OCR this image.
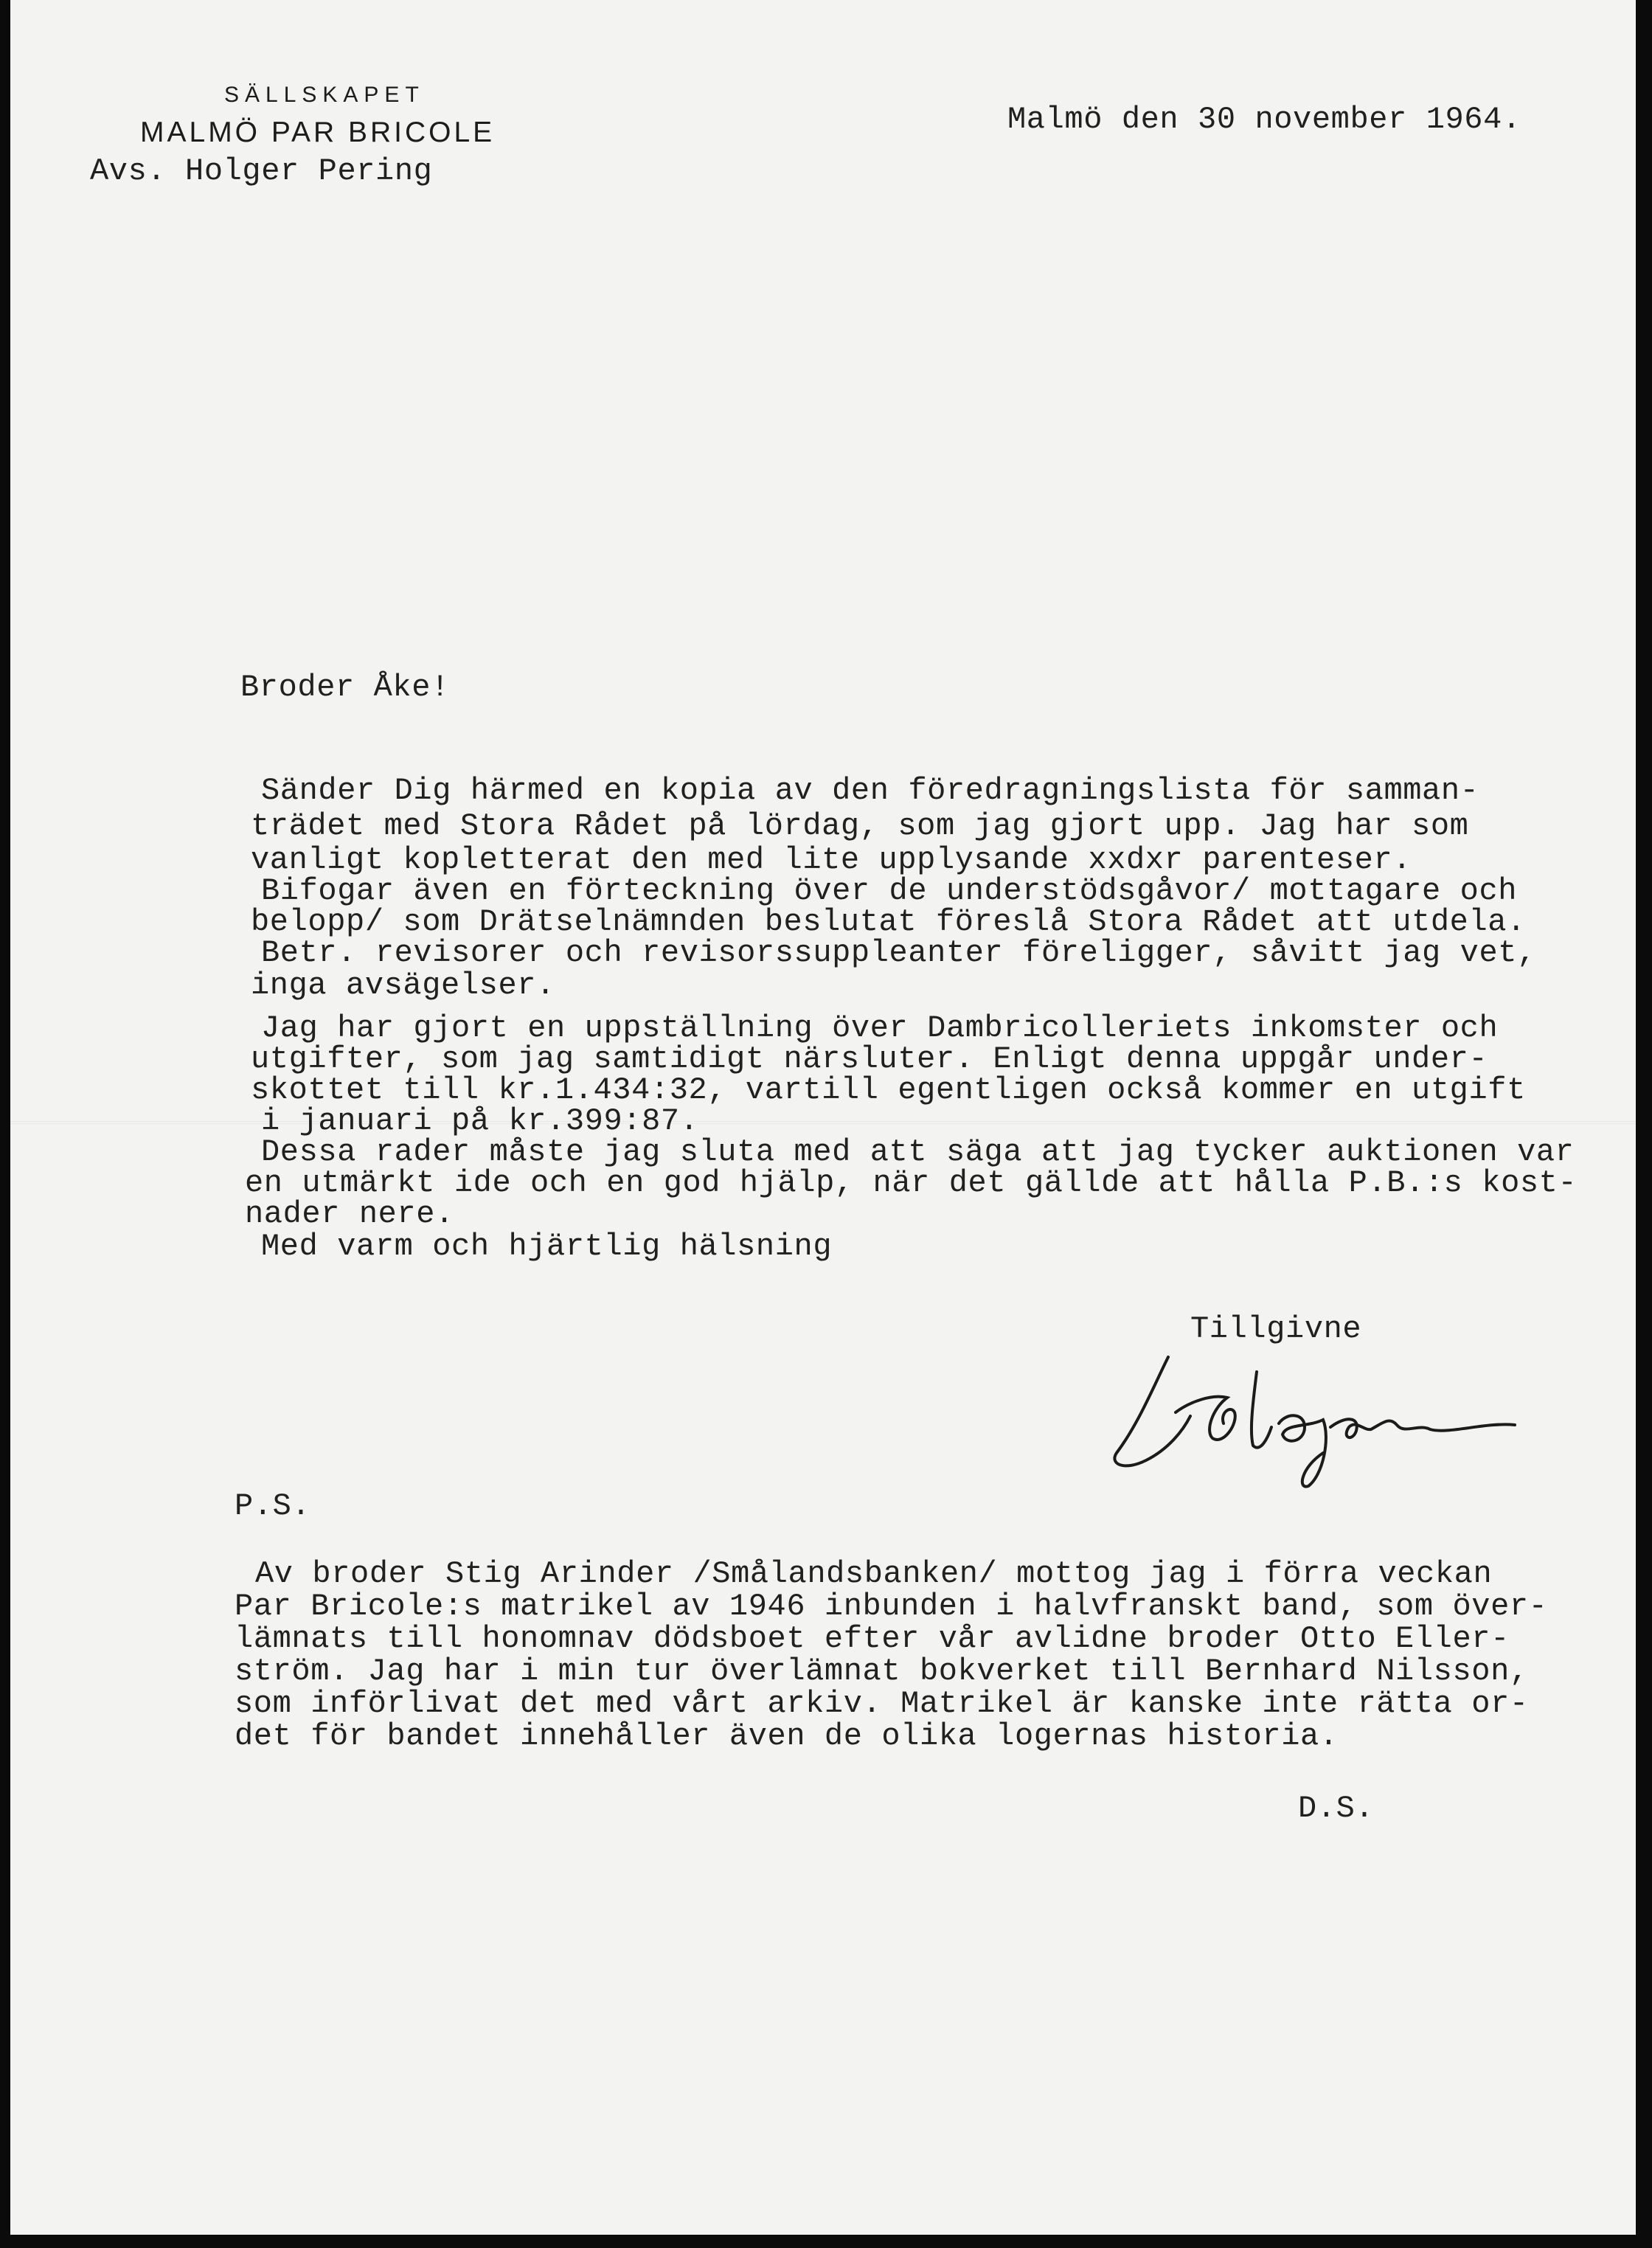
SÄLLSKAPET
MALMÖ PAR BRICOLE
Avs. Holger Pering
Malmö den 30 november 1964.
Broder Åke!
Sänder Dig härmed en kopia av den föredragningslista för samman-
trädet med Stora Rådet på lördag, som jag gjort upp. Jag har som
vanligt kopletterat den med lite upplysande xxdxr parenteser.
Bifogar även en förteckning över de understödsgåvor/ mottagare och
belopp/ som Drätselnämnden beslutat föreslå Stora Rådet att utdela.
Betr. revisorer och revisorssuppleanter föreligger, såvitt jag vet,
inga avsägelser.
Jag har gjort en uppställning över Dambricolleriets inkomster och
utgifter, som jag samtidigt närsluter. Enligt denna uppgår under-
skottet till kr.1.434:32, vartill egentligen också kommer en utgift
i januari på kr.399:87.
Dessa rader måste jag sluta med att säga att jag tycker auktionen var
en utmärkt ide och en god hjälp, när det gällde att hålla P.B.:s kost-
nader nere.
Med varm och hjärtlig hälsning
Tillgivne
P.S.
Av broder Stig Arinder /Smålandsbanken/ mottog jag i förra veckan
Par Bricole:s matrikel av 1946 inbunden i halvfranskt band, som över-
lämnats till honomnav dödsboet efter vår avlidne broder Otto Eller-
ström. Jag har i min tur överlämnat bokverket till Bernhard Nilsson,
som införlivat det med vårt arkiv. Matrikel är kanske inte rätta or-
det för bandet innehåller även de olika logernas historia.
D.S.
